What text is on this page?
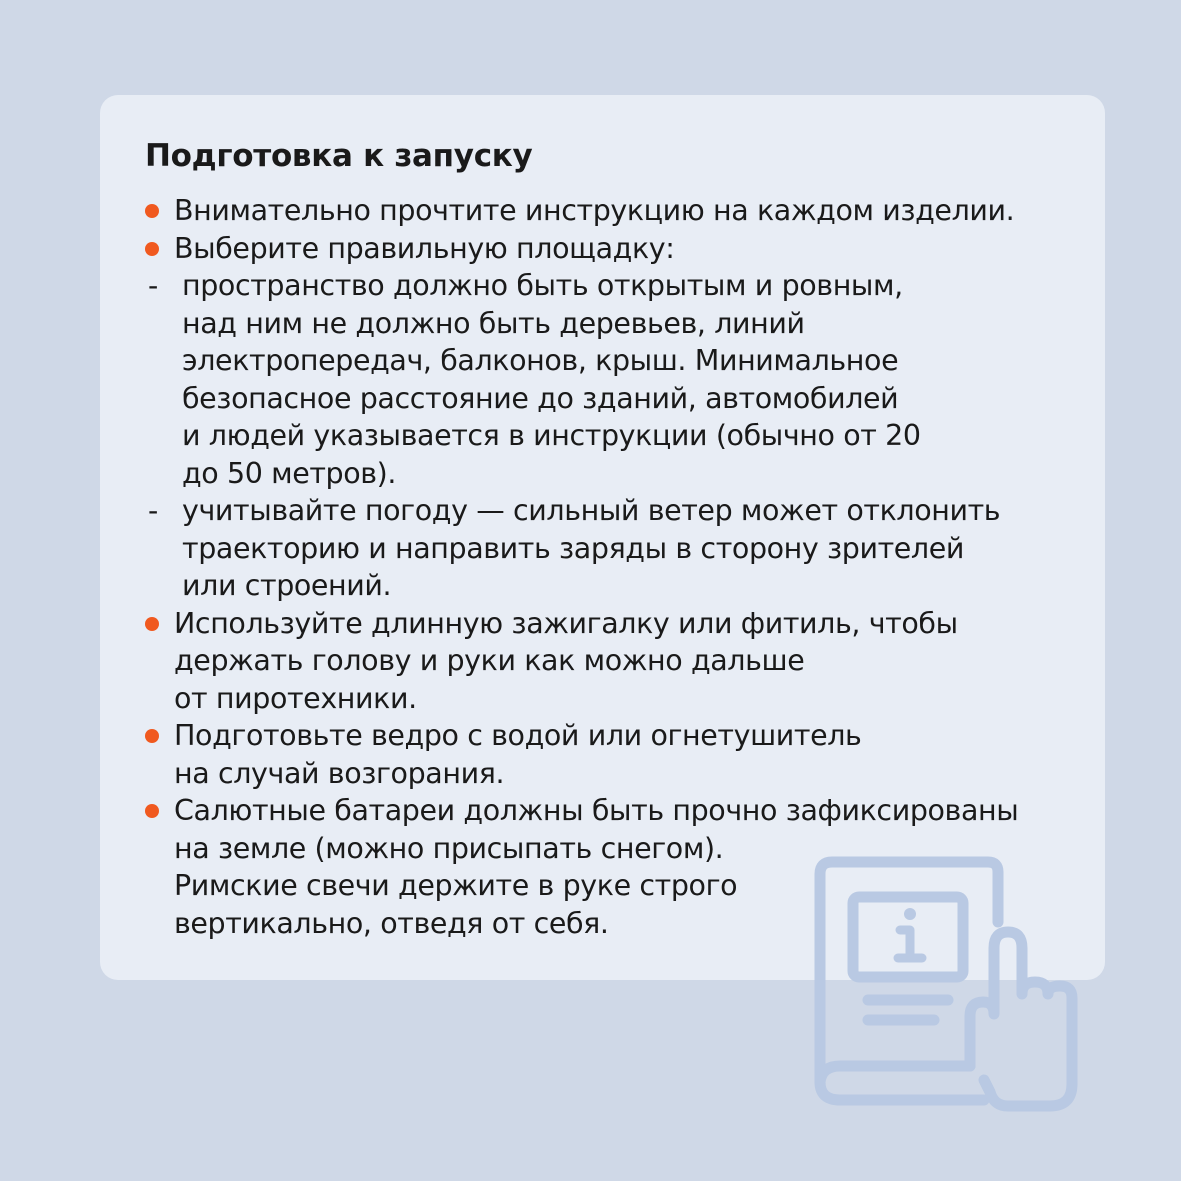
Подготовка к запуску
Внимательно прочтите инструкцию на каждом изделии.
Выберите правильную площадку:
- пространство должно быть открытым и ровным,
над ним не должно быть деревьев, линий
электропередач, балконов, крыш. Минимальное
безопасное расстояние до зданий, автомобилей
и людей указывается в инструкции (обычно от 20
до 50 метров).
- учитывайте погоду — сильный ветер может отклонить
траекторию и направить заряды в сторону зрителей
или строений.
Используйте длинную зажигалку или фитиль, чтобы
держать голову и руки как можно дальше
от пиротехники.
Подготовьте ведро с водой или огнетушитель
на случай возгорания.
Салютные батареи должны быть прочно зафиксированы
на земле (можно присыпать снегом).
Римские свечи держите в руке строго
вертикально, отведя от себя.
